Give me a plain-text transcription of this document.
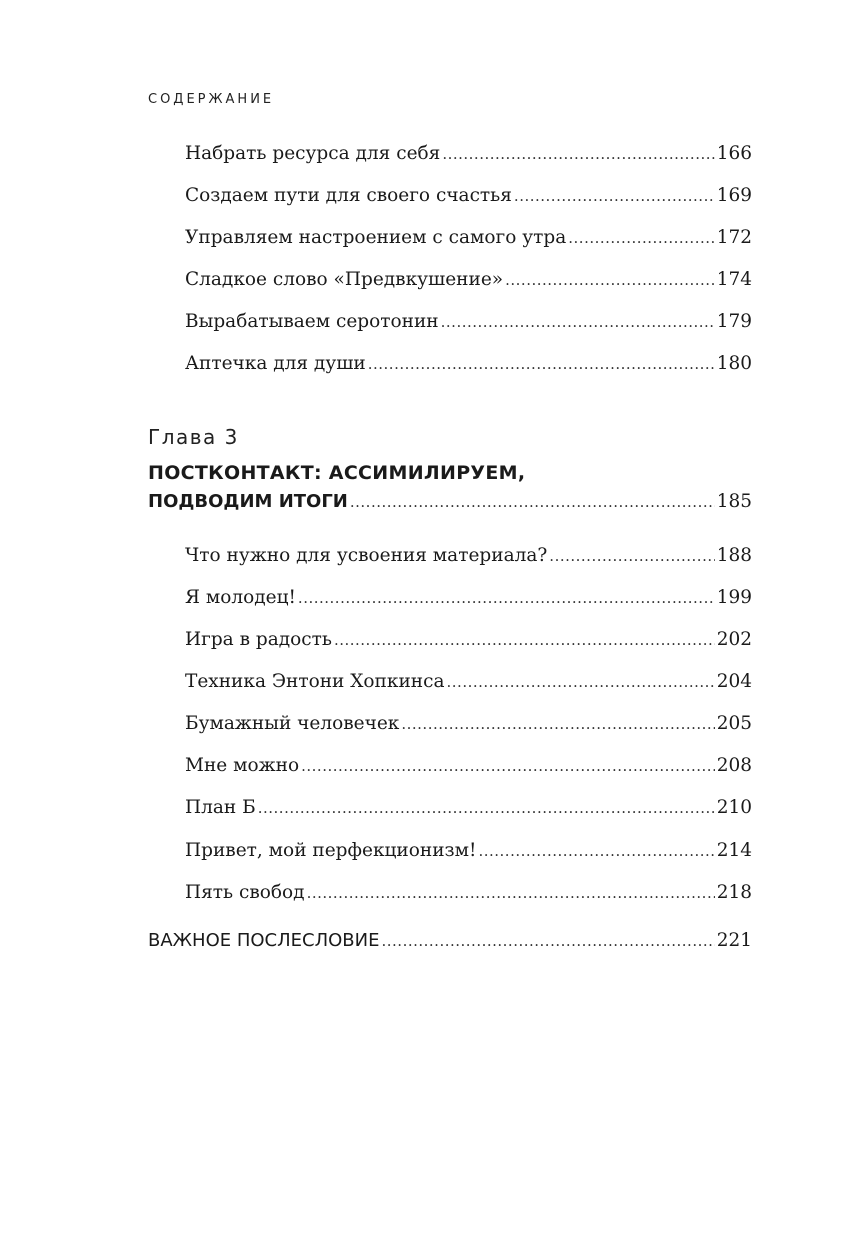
СОДЕРЖАНИЕ
Набрать ресурса для себя .....	166
Создаем пути для своего счастья .....	169
Управляем настроением с самого утра .....	172
Сладкое слово «Предвкушение» .....	174
Вырабатываем серотонин .....	179
Аптечка для души .....	180
Глава 3
ПОСТКОНТАКТ: АССИМИЛИРУЕМ,
ПОДВОДИМ ИТОГИ .....	185
Что нужно для усвоения материала? .....	188
Я молодец! .....	199
Игра в радость .....	202
Техника Энтони Хопкинса .....	204
Бумажный человечек .....	205
Мне можно .....	208
План Б .....	210
Привет, мой перфекционизм! .....	214
Пять свобод .....	218
ВАЖНОЕ ПОСЛЕСЛОВИЕ .....	221
